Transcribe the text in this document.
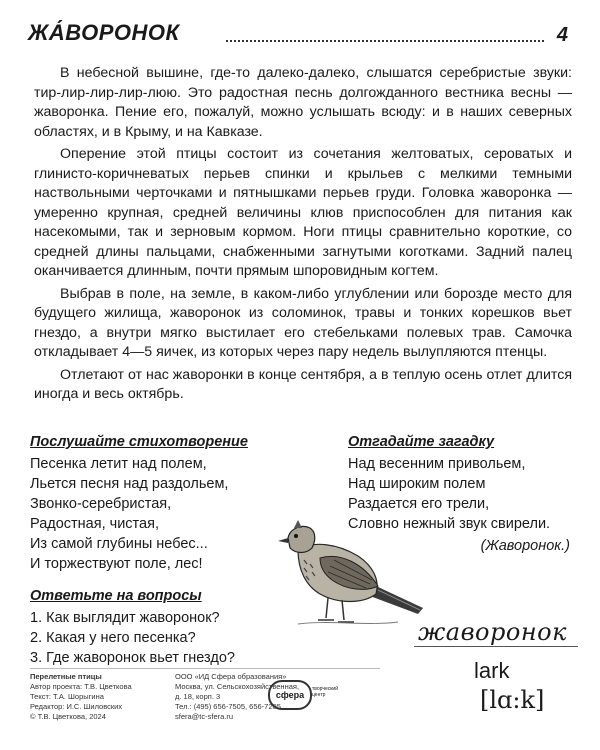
ЖА́ВОРОНОК	4

В небесной вышине, где-то далеко-далеко, слышатся серебристые звуки: тир-лир-лир-лир-люю. Это радостная песнь долгожданного вестника весны — жаворонка. Пение его, пожалуй, можно услышать всюду: и в наших северных областях, и в Крыму, и на Кавказе.

Оперение этой птицы состоит из сочетания желтоватых, сероватых и глинисто-коричневатых перьев спинки и крыльев с мелкими темными наствольными черточками и пятнышками перьев груди. Головка жаворонка — умеренно крупная, средней величины клюв приспособлен для питания как насекомыми, так и зерновым кормом. Ноги птицы сравнительно короткие, со средней длины пальцами, снабженными загнутыми коготками. Задний палец оканчивается длинным, почти прямым шпоровидным когтем.

Выбрав в поле, на земле, в каком-либо углублении или борозде место для будущего жилища, жаворонок из соломинок, травы и тонких корешков вьет гнездо, а внутри мягко выстилает его стебельками полевых трав. Самочка откладывает 4—5 яичек, из которых через пару недель вылупляются птенцы.

Отлетают от нас жаворонки в конце сентября, а в теплую осень отлет длится иногда и весь октябрь.

Послушайте стихотворение
Песенка летит над полем,
Льется песня над раздольем,
Звонко-серебристая,
Радостная, чистая,
Из самой глубины небес...
И торжествуют поле, лес!
Отгадайте загадку
Над весенним привольем,
Над широким полем
Раздается его трели,
Словно нежный звук свирели.
(Жаворонок.)
Ответьте на вопросы
1. Как выглядит жаворонок?
2. Какая у него песенка?
3. Где жаворонок вьет гнездо?
жаворонок
lark
[lɑ:k]
Перелетные птицы
Автор проекта: Т.В. Цветкова
Текст: Т.А. Шорыгина
Редактор: И.С. Шиловских
© Т.В. Цветкова, 2024
ООО «ИД Сфера образования»
Москва, ул. Сельскохозяйственная,
д. 18, корп. 3
Тел.: (495) 656-7505, 656-7205
sfera@tc-sfera.ru
сфера
творческий центр
